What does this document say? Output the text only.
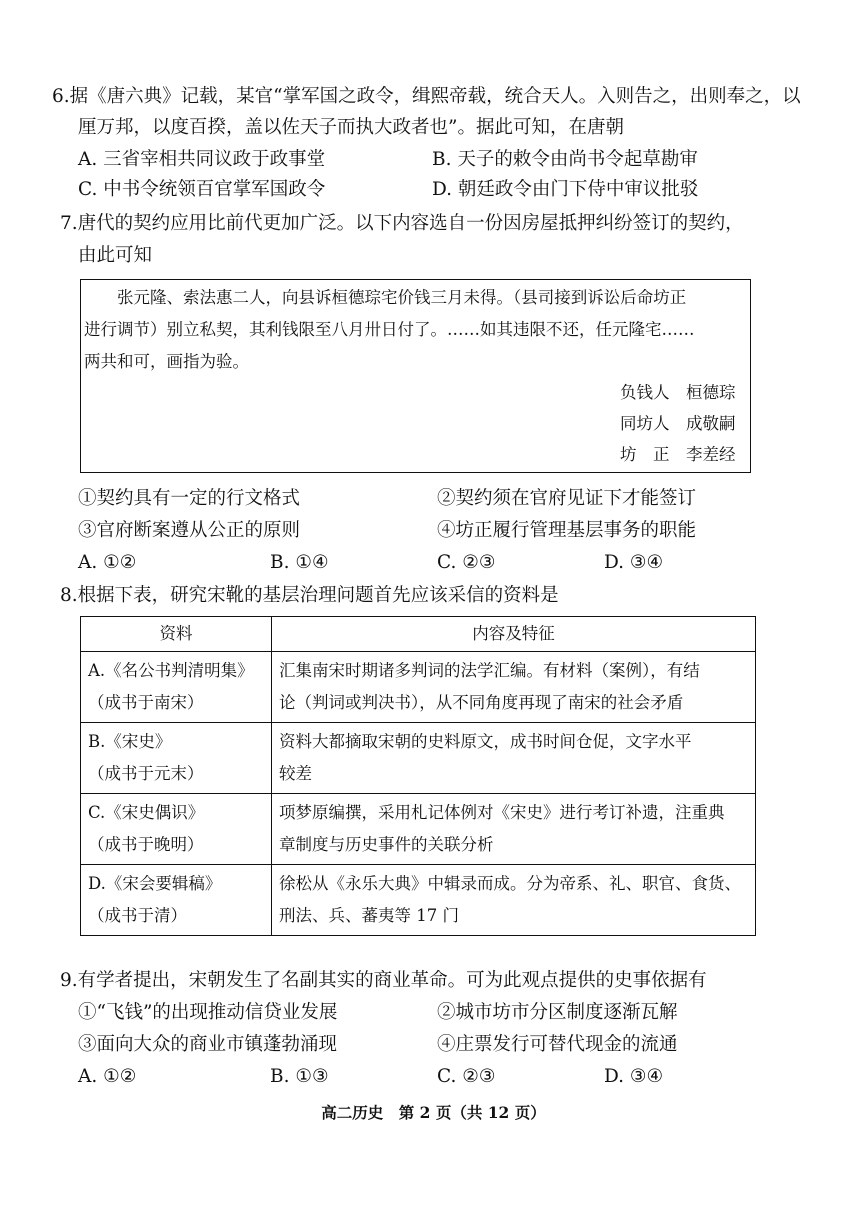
6.据《唐六典》记载，某官“掌军国之政令，缉熙帝载，统合天人。入则告之，出则奉之，以
厘万邦，以度百揆，盖以佐天子而执大政者也”。据此可知，在唐朝
A. 三省宰相共同议政于政事堂	B. 天子的敕令由尚书令起草勘审
C. 中书令统领百官掌军国政令	D. 朝廷政令由门下侍中审议批驳
7.唐代的契约应用比前代更加广泛。以下内容选自一份因房屋抵押纠纷签订的契约，
由此可知
张元隆、索法惠二人，向县诉桓德琮宅价钱三月未得。（县司接到诉讼后命坊正
进行调节）别立私契，其利钱限至八月卅日付了。……如其违限不还，任元隆宅……
两共和可，画指为验。
负钱人　桓德琮
同坊人　成敬嗣
坊　正　李差经
①契约具有一定的行文格式	②契约须在官府见证下才能签订
③官府断案遵从公正的原则	④坊正履行管理基层事务的职能
A. ①②	B. ①④	C. ②③	D. ③④
8.根据下表，研究宋靴的基层治理问题首先应该采信的资料是
资料	内容及特征

A.《名公书判清明集》
（成书于南宋）	汇集南宋时期诸多判词的法学汇编。有材料（案例），有结
论（判词或判决书），从不同角度再现了南宋的社会矛盾

B.《宋史》
（成书于元末）	资料大都摘取宋朝的史料原文，成书时间仓促，文字水平
较差

C.《宋史偶识》
（成书于晚明）	项梦原编撰，采用札记体例对《宋史》进行考订补遗，注重典
章制度与历史事件的关联分析

D.《宋会要辑稿》
（成书于清）	徐松从《永乐大典》中辑录而成。分为帝系、礼、职官、食货、
刑法、兵、蕃夷等 17 门
9.有学者提出，宋朝发生了名副其实的商业革命。可为此观点提供的史事依据有
①“飞钱”的出现推动信贷业发展	②城市坊市分区制度逐渐瓦解
③面向大众的商业市镇蓬勃涌现	④庄票发行可替代现金的流通
A. ①②	B. ①③	C. ②③	D. ③④
高二历史　第 2 页（共 12 页）
